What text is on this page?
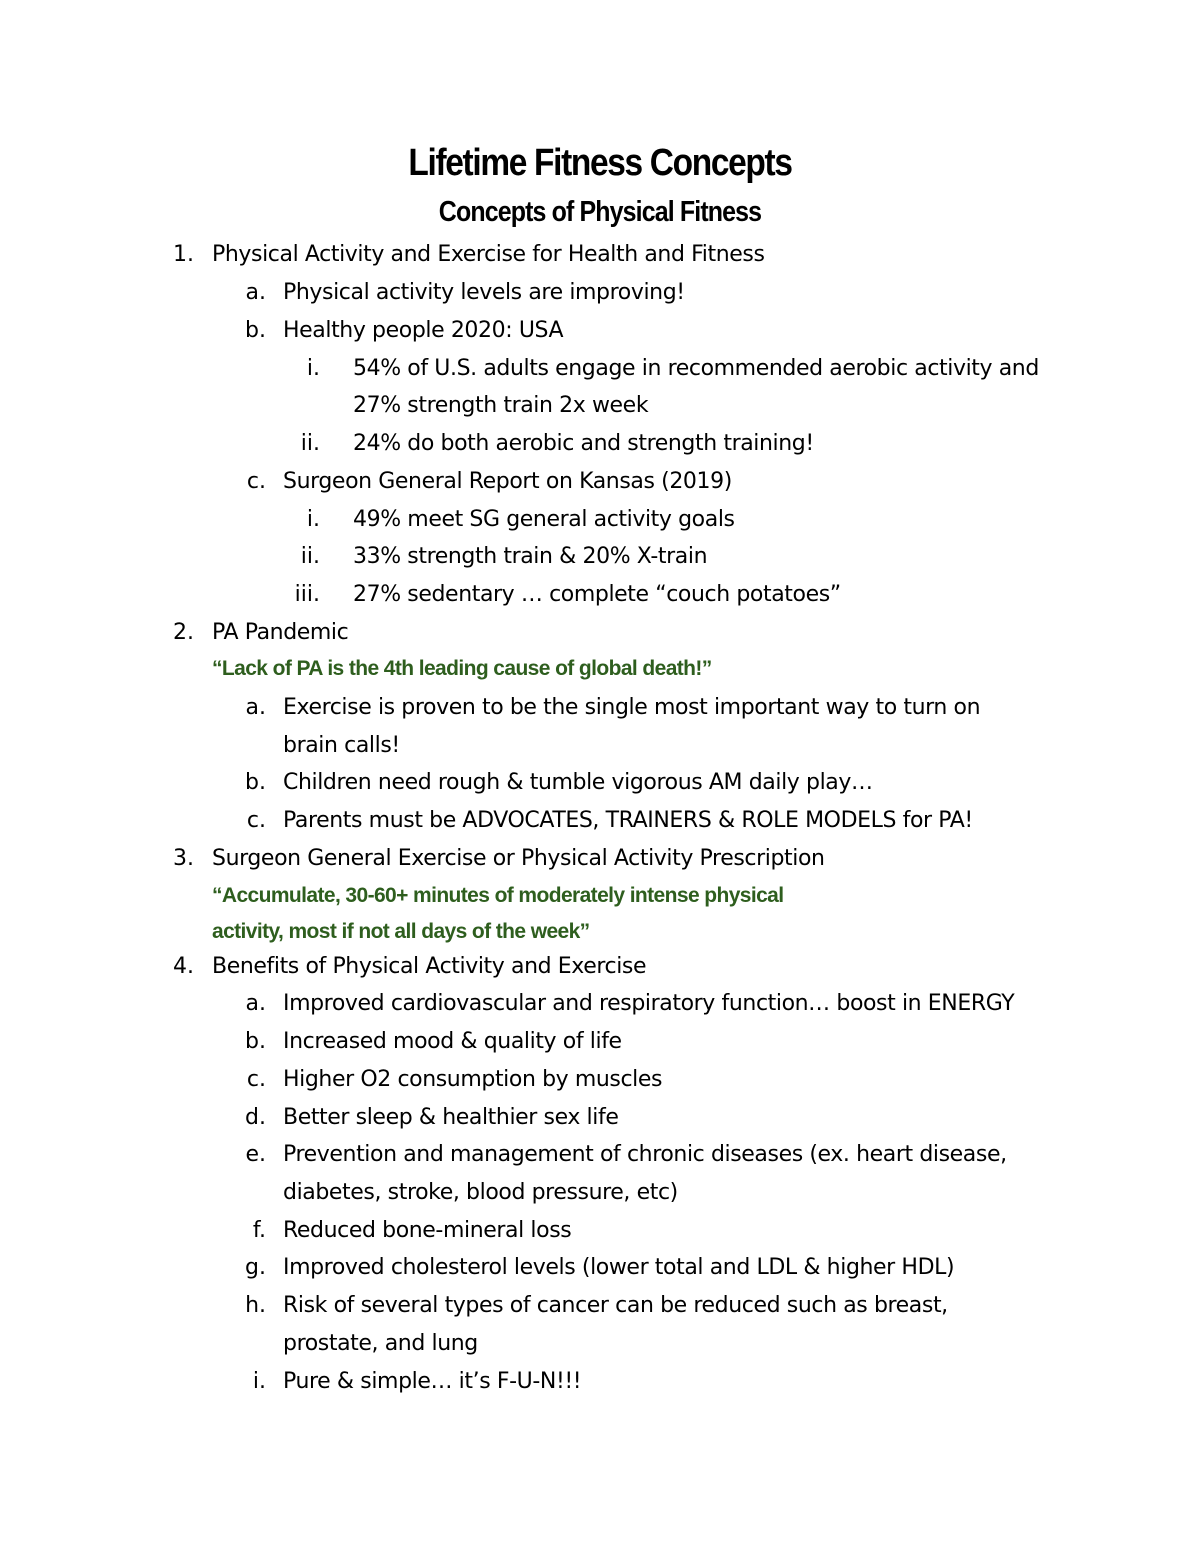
Lifetime Fitness Concepts
Concepts of Physical Fitness
1. Physical Activity and Exercise for Health and Fitness
a. Physical activity levels are improving!
b. Healthy people 2020: USA
i. 54% of U.S. adults engage in recommended aerobic activity and
27% strength train 2x week
ii. 24% do both aerobic and strength training!
c. Surgeon General Report on Kansas (2019)
i. 49% meet SG general activity goals
ii. 33% strength train & 20% X-train
iii. 27% sedentary … complete “couch potatoes”
2. PA Pandemic
“Lack of PA is the 4th leading cause of global death!”
a. Exercise is proven to be the single most important way to turn on
brain calls!
b. Children need rough & tumble vigorous AM daily play…
c. Parents must be ADVOCATES, TRAINERS & ROLE MODELS for PA!
3. Surgeon General Exercise or Physical Activity Prescription
“Accumulate, 30-60+ minutes of moderately intense physical
activity, most if not all days of the week”
4. Benefits of Physical Activity and Exercise
a. Improved cardiovascular and respiratory function… boost in ENERGY
b. Increased mood & quality of life
c. Higher O2 consumption by muscles
d. Better sleep & healthier sex life
e. Prevention and management of chronic diseases (ex. heart disease,
diabetes, stroke, blood pressure, etc)
f. Reduced bone-mineral loss
g. Improved cholesterol levels (lower total and LDL & higher HDL)
h. Risk of several types of cancer can be reduced such as breast,
prostate, and lung
i. Pure & simple… it’s F-U-N!!!
